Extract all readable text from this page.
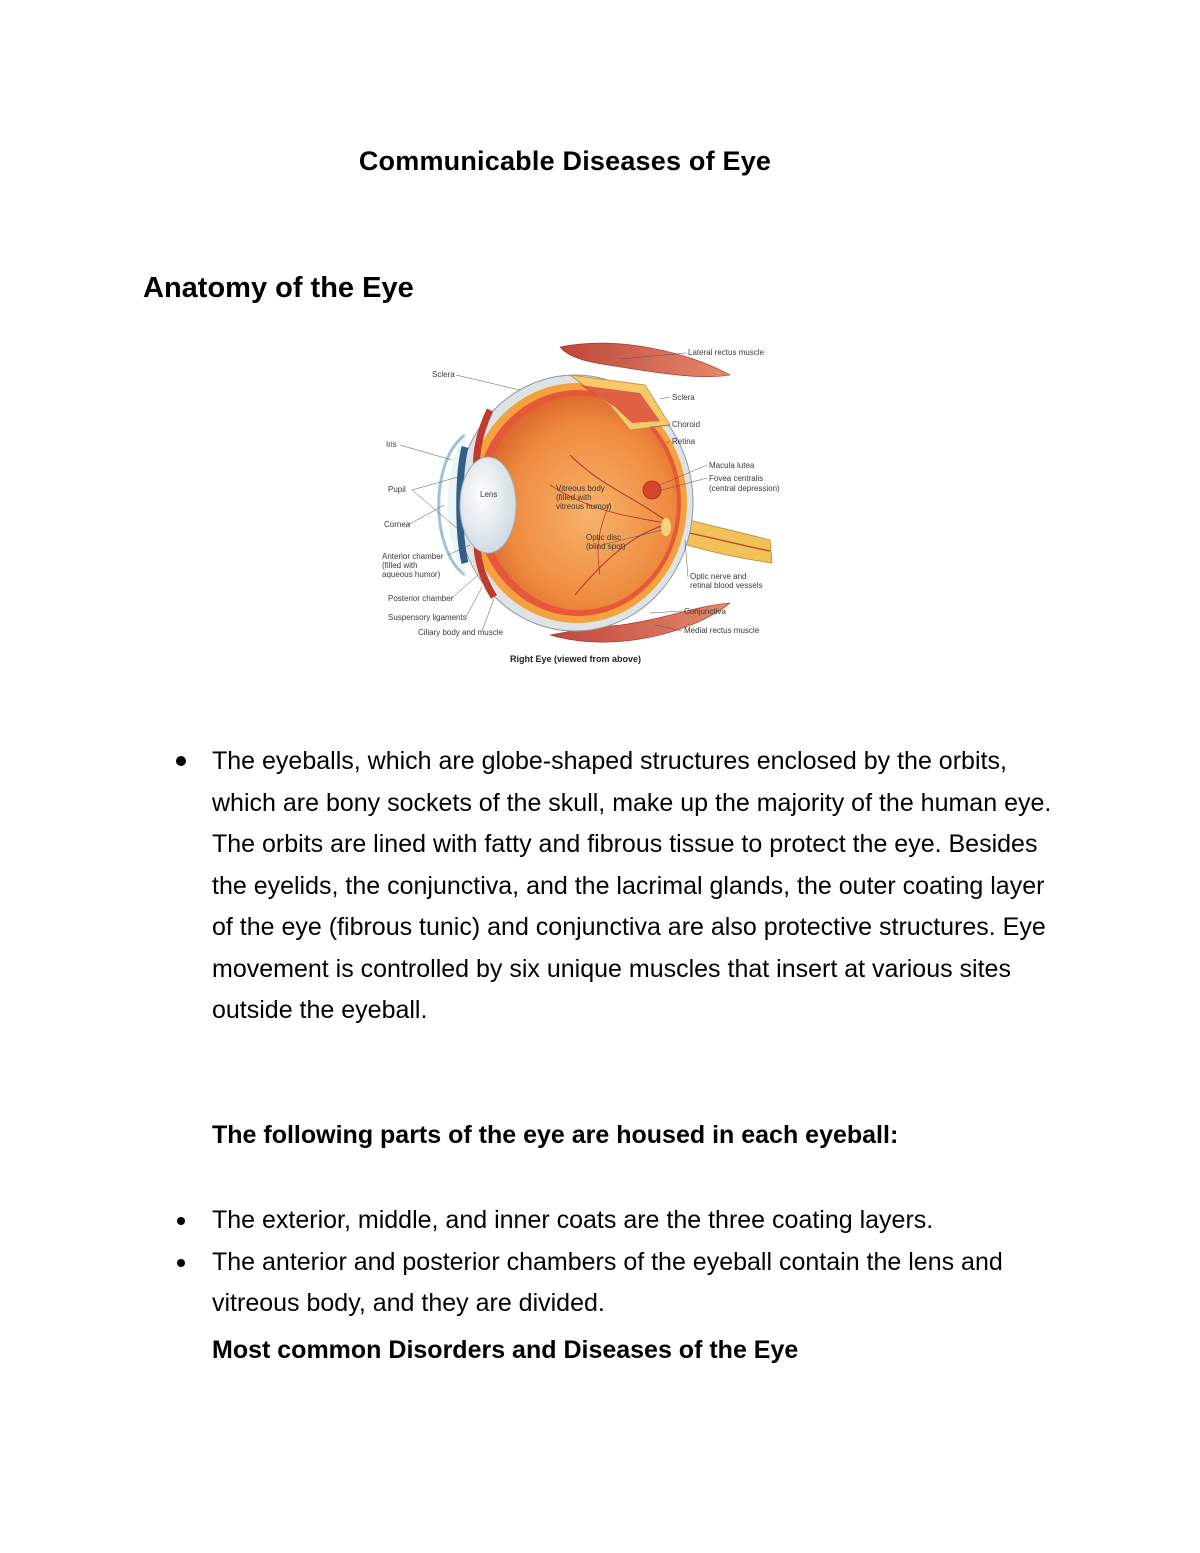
Communicable Diseases of Eye
Anatomy of the Eye
Sclera
Iris
Pupil
Cornea
Anterior chamber
(filled with
aqueous humor)
Posterior chamber
Suspensory ligaments
Ciliary body and muscle
Lens
Vitreous body
(filled with
vitreous humor)
Optic disc
(blind spot)
Lateral rectus muscle
Sclera
Choroid
Retina
Macula lutea
Fovea centralis
(central depression)
Optic nerve and
retinal blood vessels
Conjunctiva
Medial rectus muscle
Right Eye (viewed from above)
The eyeballs, which are globe-shaped structures enclosed by the orbits, which are bony sockets of the skull, make up the majority of the human eye. The orbits are lined with fatty and fibrous tissue to protect the eye. Besides the eyelids, the conjunctiva, and the lacrimal glands, the outer coating layer of the eye (fibrous tunic) and conjunctiva are also protective structures. Eye movement is controlled by six unique muscles that insert at various sites outside the eyeball.
The following parts of the eye are housed in each eyeball:
The exterior, middle, and inner coats are the three coating layers.
The anterior and posterior chambers of the eyeball contain the lens and vitreous body, and they are divided.
Most common Disorders and Diseases of the Eye
